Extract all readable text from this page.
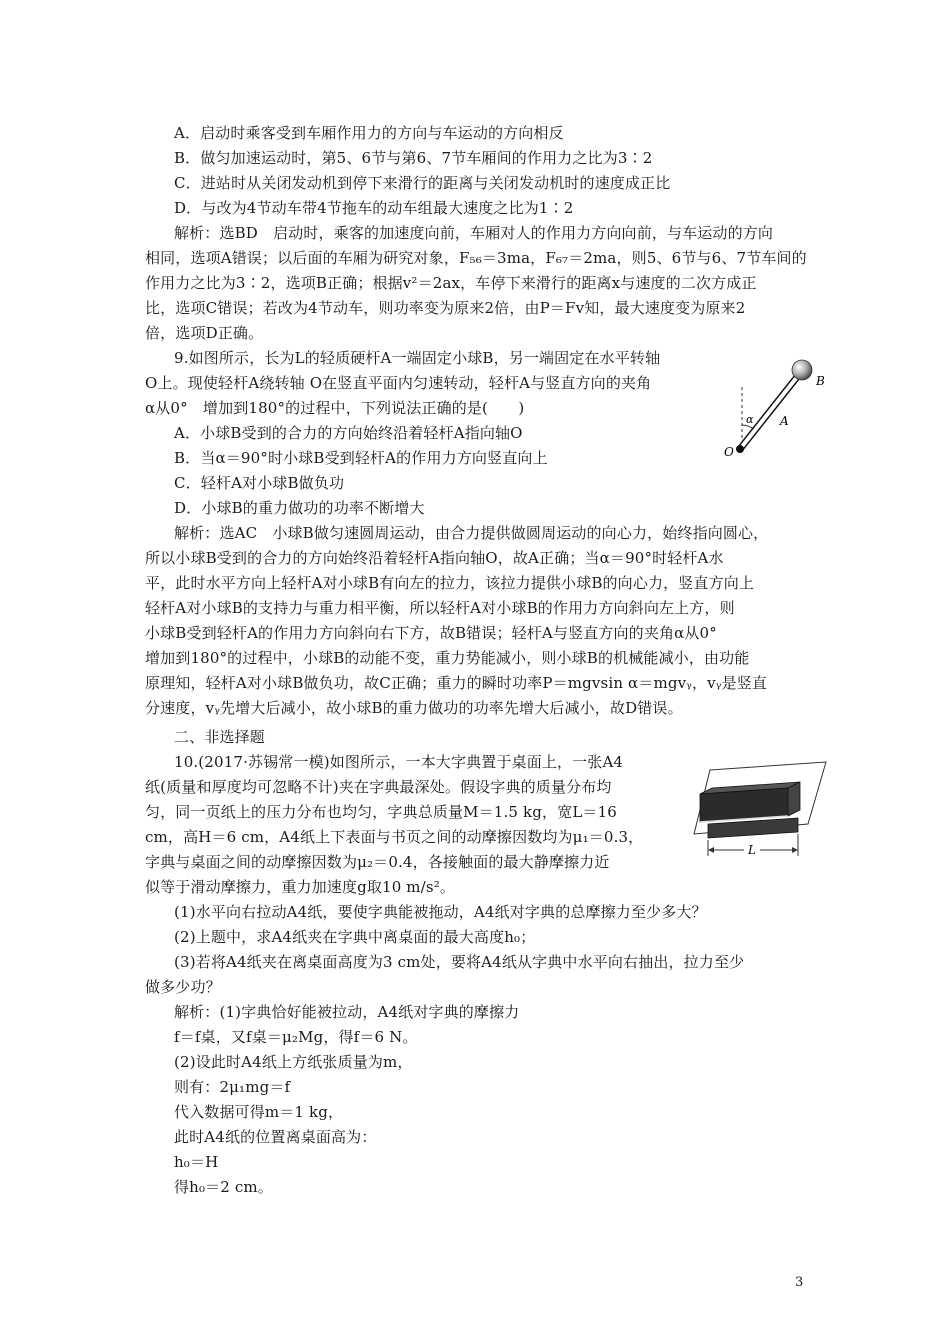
A．启动时乘客受到车厢作用力的方向与车运动的方向相反
B．做匀加速运动时，第5、6节与第6、7节车厢间的作用力之比为3∶2
C．进站时从关闭发动机到停下来滑行的距离与关闭发动机时的速度成正比
D．与改为4节动车带4节拖车的动车组最大速度之比为1∶2
解析：选BD　启动时，乘客的加速度向前，车厢对人的作用力方向向前，与车运动的方向
相同，选项A错误；以后面的车厢为研究对象，F₅₆＝3ma，F₆₇＝2ma，则5、6节与6、7节车间的
作用力之比为3∶2，选项B正确；根据v²＝2ax，车停下来滑行的距离x与速度的二次方成正
比，选项C错误；若改为4节动车，则功率变为原来2倍，由P＝Fv知，最大速度变为原来2
倍，选项D正确。
9.如图所示，长为L的轻质硬杆A一端固定小球B，另一端固定在水平转轴
O上。现使轻杆A绕转轴 O在竖直平面内匀速转动，轻杆A与竖直方向的夹角
α从0°　增加到180°的过程中，下列说法正确的是(　　)
A．小球B受到的合力的方向始终沿着轻杆A指向轴O
B．当α＝90°时小球B受到轻杆A的作用力方向竖直向上
C．轻杆A对小球B做负功
D．小球B的重力做功的功率不断增大
B
A
α
O
解析：选AC　小球B做匀速圆周运动，由合力提供做圆周运动的向心力，始终指向圆心，
所以小球B受到的合力的方向始终沿着轻杆A指向轴O，故A正确；当α＝90°时轻杆A水
平，此时水平方向上轻杆A对小球B有向左的拉力，该拉力提供小球B的向心力，竖直方向上
轻杆A对小球B的支持力与重力相平衡，所以轻杆A对小球B的作用力方向斜向左上方，则
小球B受到轻杆A的作用力方向斜向右下方，故B错误；轻杆A与竖直方向的夹角α从0°
增加到180°的过程中，小球B的动能不变，重力势能减小，则小球B的机械能减小，由功能
原理知，轻杆A对小球B做负功，故C正确；重力的瞬时功率P＝mgvsin α＝mgvᵧ，vᵧ是竖直
分速度，vᵧ先增大后减小，故小球B的重力做功的功率先增大后减小，故D错误。
二、非选择题
10.(2017·苏锡常一模)如图所示，一本大字典置于桌面上，一张A4
纸(质量和厚度均可忽略不计)夹在字典最深处。假设字典的质量分布均
匀，同一页纸上的压力分布也均匀，字典总质量M＝1.5 kg，宽L＝16
cm，高H＝6 cm，A4纸上下表面与书页之间的动摩擦因数均为μ₁＝0.3，
字典与桌面之间的动摩擦因数为μ₂＝0.4，各接触面的最大静摩擦力近
似等于滑动摩擦力，重力加速度g取10 m/s²。
L
(1)水平向右拉动A4纸，要使字典能被拖动，A4纸对字典的总摩擦力至少多大？
(2)上题中，求A4纸夹在字典中离桌面的最大高度h₀；
(3)若将A4纸夹在离桌面高度为3 cm处，要将A4纸从字典中水平向右抽出，拉力至少
做多少功？
解析：(1)字典恰好能被拉动，A4纸对字典的摩擦力
f＝f桌，又f桌＝μ₂Mg，得f＝6 N。
(2)设此时A4纸上方纸张质量为m，
则有：2μ₁mg＝f
代入数据可得m＝1 kg，
此时A4纸的位置离桌面高为：
h₀＝H
得h₀＝2 cm。
3
